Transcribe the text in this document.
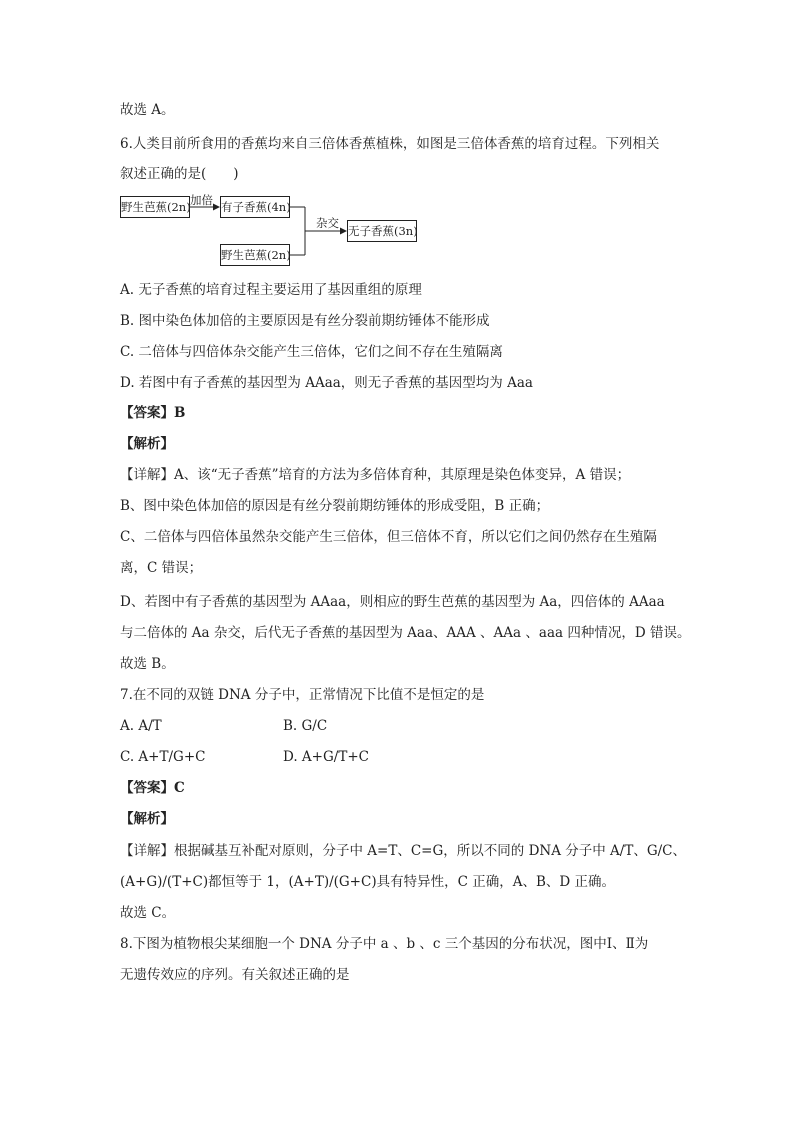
故选 A。
6.人类目前所食用的香蕉均来自三倍体香蕉植株，如图是三倍体香蕉的培育过程。下列相关
叙述正确的是(　　)
野生芭蕉(2n) 加倍 有子香蕉(4n)
杂交
无子香蕉(3n)
野生芭蕉(2n)
A. 无子香蕉的培育过程主要运用了基因重组的原理
B. 图中染色体加倍的主要原因是有丝分裂前期纺锤体不能形成
C. 二倍体与四倍体杂交能产生三倍体，它们之间不存在生殖隔离
D. 若图中有子香蕉的基因型为 AAaa，则无子香蕉的基因型均为 Aaa
【答案】B
【解析】
【详解】A、该“无子香蕉”培育的方法为多倍体育种，其原理是染色体变异，A 错误；
B、图中染色体加倍的原因是有丝分裂前期纺锤体的形成受阻，B 正确；
C、二倍体与四倍体虽然杂交能产生三倍体，但三倍体不育，所以它们之间仍然存在生殖隔
离，C 错误；
D、若图中有子香蕉的基因型为 AAaa，则相应的野生芭蕉的基因型为 Aa，四倍体的 AAaa
与二倍体的 Aa 杂交，后代无子香蕉的基因型为 Aaa、AAA 、AAa 、aaa 四种情况，D 错误。
故选 B。
7.在不同的双链 DNA 分子中，正常情况下比值不是恒定的是
A. A/T	B. G/C
C. A+T/G+C	D. A+G/T+C
【答案】C
【解析】
【详解】根据碱基互补配对原则，分子中 A=T、C=G，所以不同的 DNA 分子中 A/T、G/C、
(A+G)/(T+C)都恒等于 1，(A+T)/(G+C)具有特异性，C 正确，A、B、D 正确。
故选 C。
8.下图为植物根尖某细胞一个 DNA 分子中 a 、b 、c 三个基因的分布状况，图中Ⅰ、Ⅱ为
无遗传效应的序列。有关叙述正确的是
